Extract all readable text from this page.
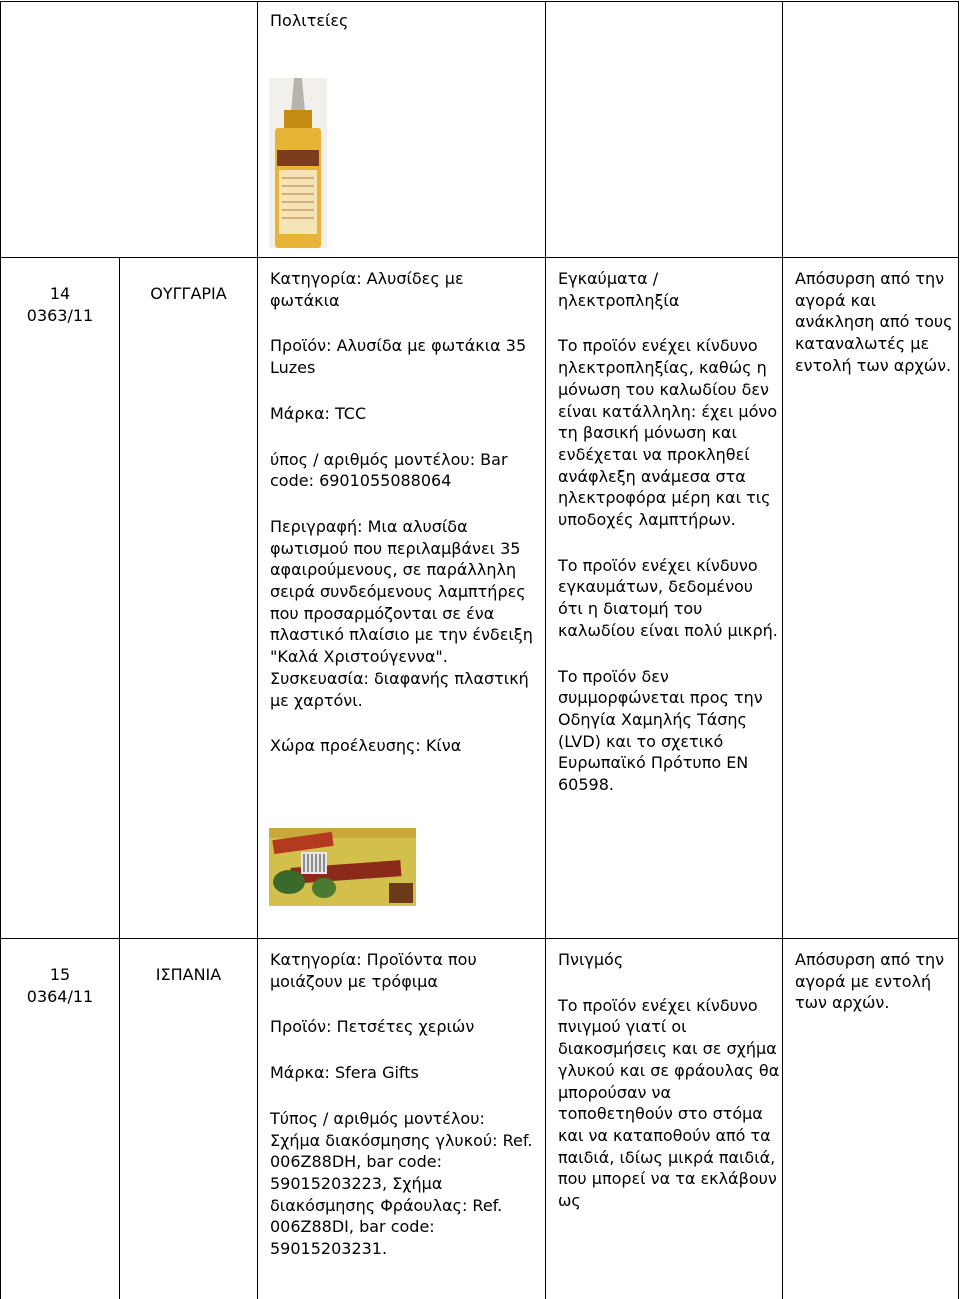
Πολιτείες
14
0363/11
ΟΥΓΓΑΡΙΑ

Κατηγορία: Αλυσίδες με φωτάκια

Προϊόν: Αλυσίδα με φωτάκια 35 Luzes

Μάρκα: TCC

ύπος / αριθμός μοντέλου: Bar code: 6901055088064

Περιγραφή: Μια αλυσίδα φωτισμού που περιλαμβάνει 35 αφαιρούμενους, σε παράλληλη σειρά συνδεόμενους λαμπτήρες που προσαρμόζονται σε ένα πλαστικό πλαίσιο με την ένδειξη "Καλά Χριστούγεννα". Συσκευασία: διαφανής πλαστική με χαρτόνι.

Χώρα προέλευσης: Κίνα

Εγκαύματα / ηλεκτροπληξία

Το προϊόν ενέχει κίνδυνο ηλεκτροπληξίας, καθώς η μόνωση του καλωδίου δεν είναι κατάλληλη: έχει μόνο τη βασική μόνωση και ενδέχεται να προκληθεί ανάφλεξη ανάμεσα στα ηλεκτροφόρα μέρη και τις υποδοχές λαμπτήρων.

Το προϊόν ενέχει κίνδυνο εγκαυμάτων, δεδομένου ότι η διατομή του καλωδίου είναι πολύ μικρή.

Το προϊόν δεν συμμορφώνεται προς την Οδηγία Χαμηλής Τάσης (LVD) και το σχετικό Ευρωπαϊκό Πρότυπο EN 60598.

Απόσυρση από την αγορά και ανάκληση από τους καταναλωτές με εντολή των αρχών.
15
0364/11
ΙΣΠΑΝΙΑ

Κατηγορία: Προϊόντα που μοιάζουν με τρόφιμα

Προϊόν: Πετσέτες χεριών

Μάρκα: Sfera Gifts

Τύπος / αριθμός μοντέλου: Σχήμα διακόσμησης γλυκού: Ref. 006Z88DH, bar code: 59015203223, Σχήμα διακόσμησης Φράουλας: Ref. 006Z88DI, bar code: 59015203231.

Πνιγμός

Το προϊόν ενέχει κίνδυνο πνιγμού γιατί οι διακοσμήσεις και σε σχήμα γλυκού και σε φράουλας θα μπορούσαν να τοποθετηθούν στο στόμα και να καταποθούν από τα παιδιά, ιδίως μικρά παιδιά, που μπορεί να τα εκλάβουν ως

Απόσυρση από την αγορά με εντολή των αρχών.
